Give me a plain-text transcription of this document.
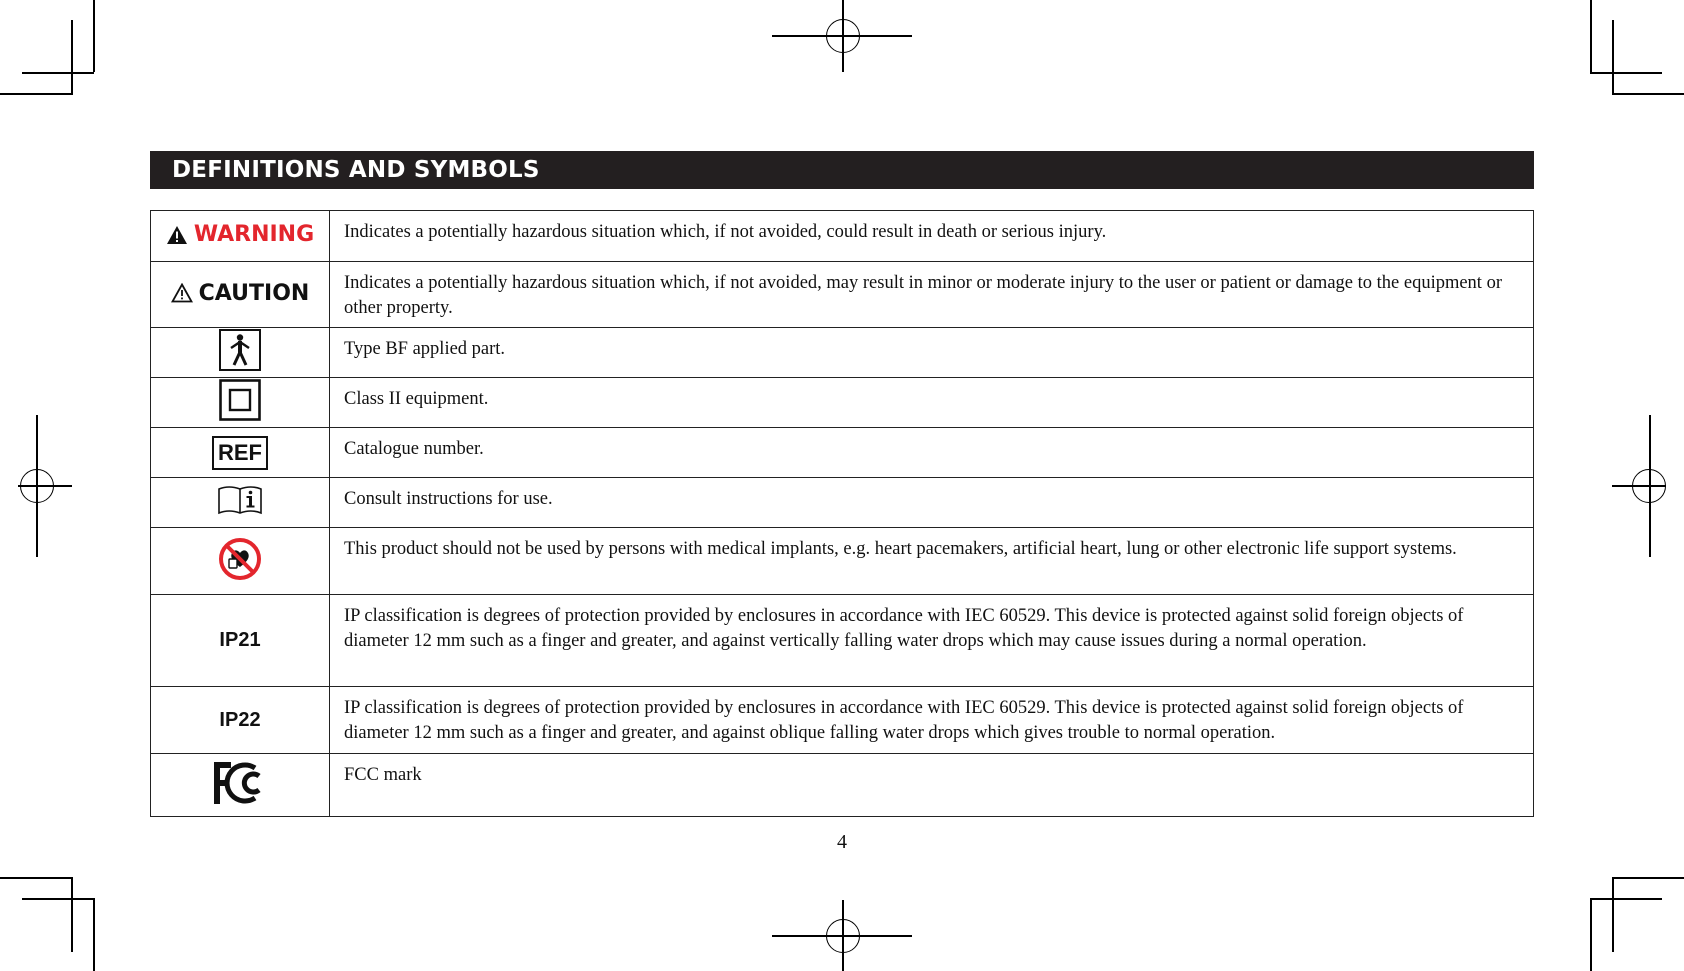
DEFINITIONS AND SYMBOLS
WARNING	Indicates a potentially hazardous situation which, if not avoided, could result in death or serious injury.

CAUTION	Indicates a potentially hazardous situation which, if not avoided, may result in minor or moderate injury to the user or patient or damage to the equipment or other property.
	Type BF applied part.
	Class II equipment.
REF	Catalogue number.
	Consult instructions for use.
	This product should not be used by persons with medical implants, e.g. heart pacemakers, artificial heart, lung or other electronic life support systems.
IP21	IP classification is degrees of protection provided by enclosures in accordance with IEC 60529. This device is protected against solid foreign objects of diameter 12 mm such as a finger and greater, and against vertically falling water drops which may cause issues during a normal operation.
IP22	IP classification is degrees of protection provided by enclosures in accordance with IEC 60529. This device is protected against solid foreign objects of diameter 12 mm such as a finger and greater, and against oblique falling water drops which gives trouble to normal operation.
	FCC mark
4
